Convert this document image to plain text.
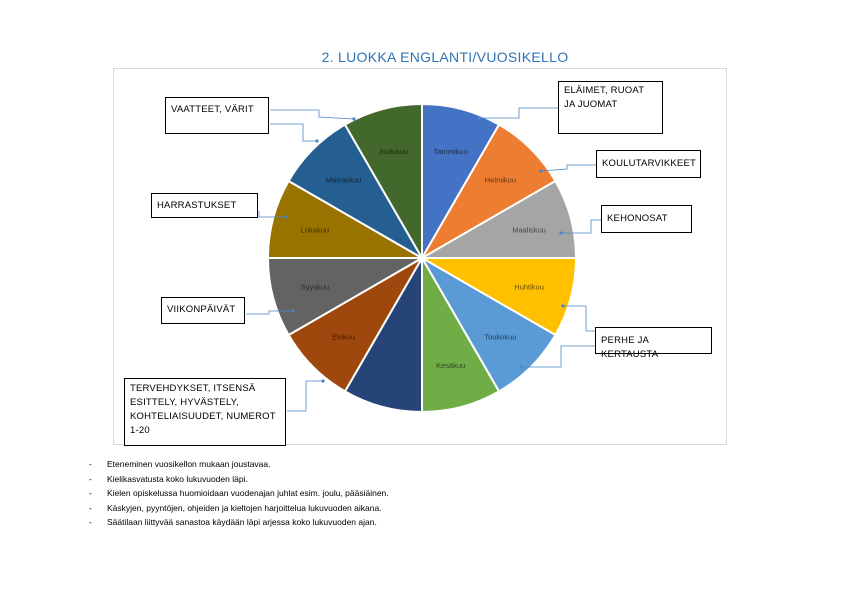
2. LUOKKA ENGLANTI/VUOSIKELLO
Tammikuu
Helmikuu
Maaliskuu
Huhtikuu
Toukokuu
Kesäkuu
Elokuu
Syyskuu
Lokakuu
Marraskuu
Joulukuu
ELÄIMET, RUOAT
JA JUOMAT
KOULUTARVIKKEET
KEHONOSAT
PERHE JA KERTAUSTA
VAATTEET, VÄRIT
HARRASTUKSET
VIIKONPÄIVÄT
TERVEHDYKSET, ITSENSÄ
ESITTELY, HYVÄSTELY,
KOHTELIAISUUDET, NUMEROT
1-20
- Eteneminen vuosikellon mukaan joustavaa.
- Kielikasvatusta koko lukuvuoden läpi.
- Kielen opiskelussa huomioidaan vuodenajan juhlat esim. joulu, pääsiäinen.
- Käskyjen, pyyntöjen, ohjeiden ja kieltojen harjoittelua lukuvuoden aikana.
- Säätilaan liittyvää sanastoa käydään läpi arjessa koko lukuvuoden ajan.
